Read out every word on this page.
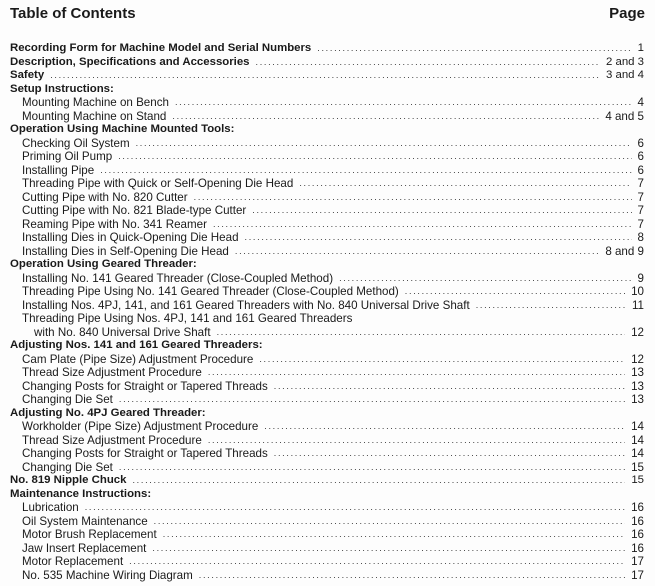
Table of Contents	Page
Recording Form for Machine Model and Serial Numbers . . .	1
Description, Specifications and Accessories . . .	2 and 3
Safety . . .	3 and 4
Setup Instructions:
Mounting Machine on Bench . . .	4
Mounting Machine on Stand . . .	4 and 5
Operation Using Machine Mounted Tools:
Checking Oil System . . .	6
Priming Oil Pump . . .	6
Installing Pipe . . .	6
Threading Pipe with Quick or Self-Opening Die Head . . .	7
Cutting Pipe with No. 820 Cutter . . .	7
Cutting Pipe with No. 821 Blade-type Cutter . . .	7
Reaming Pipe with No. 341 Reamer . . .	7
Installing Dies in Quick-Opening Die Head . . .	8
Installing Dies in Self-Opening Die Head . . .	8 and 9
Operation Using Geared Threader:
Installing No. 141 Geared Threader (Close-Coupled Method) . . .	9
Threading Pipe Using No. 141 Geared Threader (Close-Coupled Method) . . .	10
Installing Nos. 4PJ, 141, and 161 Geared Threaders with No. 840 Universal Drive Shaft . . .	11
Threading Pipe Using Nos. 4PJ, 141 and 161 Geared Threaders
with No. 840 Universal Drive Shaft . . .	12
Adjusting Nos. 141 and 161 Geared Threaders:
Cam Plate (Pipe Size) Adjustment Procedure . . .	12
Thread Size Adjustment Procedure . . .	13
Changing Posts for Straight or Tapered Threads . . .	13
Changing Die Set . . .	13
Adjusting No. 4PJ Geared Threader:
Workholder (Pipe Size) Adjustment Procedure . . .	14
Thread Size Adjustment Procedure . . .	14
Changing Posts for Straight or Tapered Threads . . .	14
Changing Die Set . . .	15
No. 819 Nipple Chuck . . .	15
Maintenance Instructions:
Lubrication . . .	16
Oil System Maintenance . . .	16
Motor Brush Replacement . . .	16
Jaw Insert Replacement . . .	16
Motor Replacement . . .	17
No. 535 Machine Wiring Diagram . . .	17
